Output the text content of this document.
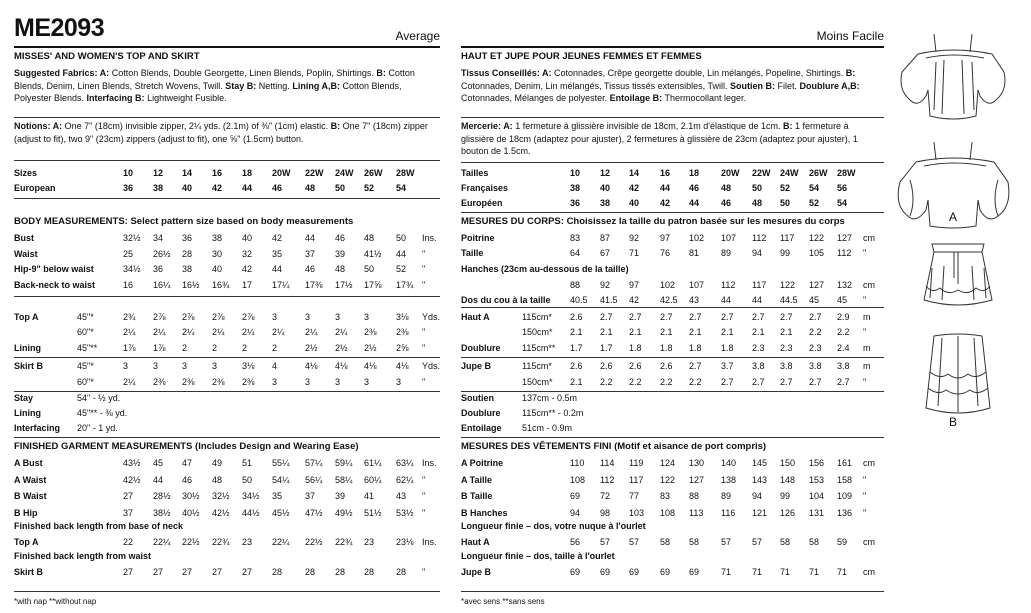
ME2093	Average	Moins Facile
MISSES' AND WOMEN'S TOP AND SKIRT
Suggested Fabrics: A: Cotton Blends, Double Georgette, Linen Blends, Poplin, Shirtings. B: Cotton Blends, Denim, Linen Blends, Stretch Wovens, Twill. Stay B: Netting. Lining A,B: Cotton Blends, Polyester Blends. Interfacing B: Lightweight Fusible.
Notions: A: One 7" (18cm) invisible zipper, 2¼ yds. (2.1m) of ⅜" (1cm) elastic. B: One 7" (18cm) zipper (adjust to fit), two 9" (23cm) zippers (adjust to fit), one ⅝" (1.5cm) button.
Sizes	10 12 14 16 18 20W 22W 24W 26W 28W
European	36 38 40 42 44 46	48 50 52 54
BODY MEASUREMENTS: Select pattern size based on body measurements
Bust	32½ 34 36 38 40 42	44 46 48 50 Ins.
Waist	25 26½ 28 30 32 35	37 39 41½ 44 "
Hip-9" below waist	34½ 36 38 40 42 44	46 48 50 52 "
Back-neck to waist	16 16¼ 16½ 16¾ 17 17¼ 17⅜ 17½ 17⅝ 17¾ "
Top A	45"*	2¾ 2⅞ 2⅞ 2⅞ 2⅞ 3	3	3	3	3⅛ Yds.
60"*	2¼ 2¼ 2¼ 2¼ 2¼ 2¼ 2¼ 2¼ 2⅜ 2⅜ "
Lining	45"**	1⅞ 1⅞ 2	2	2	2	2½ 2½ 2½ 2⅝ "
Skirt B	45"*	3	3	3	3	3⅛ 4	4⅛ 4⅛ 4⅛ 4⅛ Yds.
60"*	2¼ 2⅜ 2⅜ 2⅜ 2⅜ 3	3	3	3	3 "
Stay	54" - ½ yd.
Lining	45"** - ⅜ yd.
Interfacing 20" - 1 yd.
FINISHED GARMENT MEASUREMENTS (Includes Design and Wearing Ease)
A Bust	43½ 45 47 49 51 55¼ 57¼ 59¼ 61¼ 63¼ Ins.
A Waist	42½ 44 46 48 50 54¼ 56¼ 58¼ 60¼ 62¼ "
B Waist	27 28½ 30½ 32½ 34½ 35	37 39 41 43 "
B Hip	37 38½ 40½ 42½ 44½ 45½ 47½ 49½ 51½ 53½ "
Finished back length from base of neck
Top A	22 22¼ 22½ 22¾ 23 22¼ 22½ 22¾ 23 23⅛ Ins.
Finished back length from waist
Skirt B	27 27 27 27 27 28	28 28 28 28 "
*with nap **without nap
HAUT ET JUPE POUR JEUNES FEMMES ET FEMMES
Tissus Conseillés: A: Cotonnades, Crêpe georgette double, Lin mélangés, Popeline, Shirtings. B: Cotonnades, Denim, Lin mélangés, Tissus tissés extensibles, Twill. Soutien B: Filet. Doublure A,B: Cotonnades, Mélanges de polyester. Entoilage B: Thermocollant leger.
Mercerie: A: 1 fermeture à glissière invisible de 18cm, 2.1m d'élastique de 1cm. B: 1 fermeture à glissière de 18cm (adaptez pour ajuster), 2 fermetures à glissière de 23cm (adaptez pour ajuster), 1 bouton de 1.5cm.
Tailles	10 12 14 16 18 20W 22W 24W 26W 28W
Françaises	38 40 42 44 46 48 50 52 54 56
Européen	36 38 40 42 44 46 48 50 52 54
MESURES DU CORPS: Choisissez la taille du patron basée sur les mesures du corps
Poitrine	83 87 92 97 102 107 112 117 122 127 cm
Taille	64 67 71 76 81 89 94 99 105 112 "
Hanches (23cm au-dessous de la taille)
88 92 97 102 107 112 117 122 127 132 cm
Dos du cou à la taille 40.5 41.5 42 42.5 43 44 44 44.5 45 45 "
Haut A	115cm* 2.6 2.7 2.7 2.7 2.7 2.7 2.7 2.7 2.7 2.9 m
150cm* 2.1 2.1 2.1 2.1 2.1 2.1 2.1 2.1 2.2 2.2 "
Doublure 115cm** 1.7 1.7 1.8 1.8 1.8 1.8 2.3 2.3 2.3 2.4 m
Jupe B	115cm* 2.6 2.6 2.6 2.6 2.7 3.7 3.8 3.8 3.8 3.8 m
150cm* 2.1 2.2 2.2 2.2 2.2 2.7 2.7 2.7 2.7 2.7 "
Soutien	137cm - 0.5m
Doublure 115cm** - 0.2m
Entoilage 51cm - 0.9m
MESURES DES VÊTEMENTS FINI (Motif et aisance de port compris)
A Poitrine	110 114 119 124 130 140 145 150 156 161 cm
A Taille	108 112 117 122 127 138 143 148 153 158 "
B Taille	69 72 77 83 88 89 94 99 104 109 "
B Hanches	94 98 103 108 113 116 121 126 131 136 "
Longueur finie – dos, votre nuque à l'ourlet
Haut A	56 57 57 58 58 57 57 58 58 59 cm
Longueur finie – dos, taille à l'ourlet
Jupe B	69 69 69 69 69 71 71 71 71 71 cm
*avec sens **sans sens
A
B
